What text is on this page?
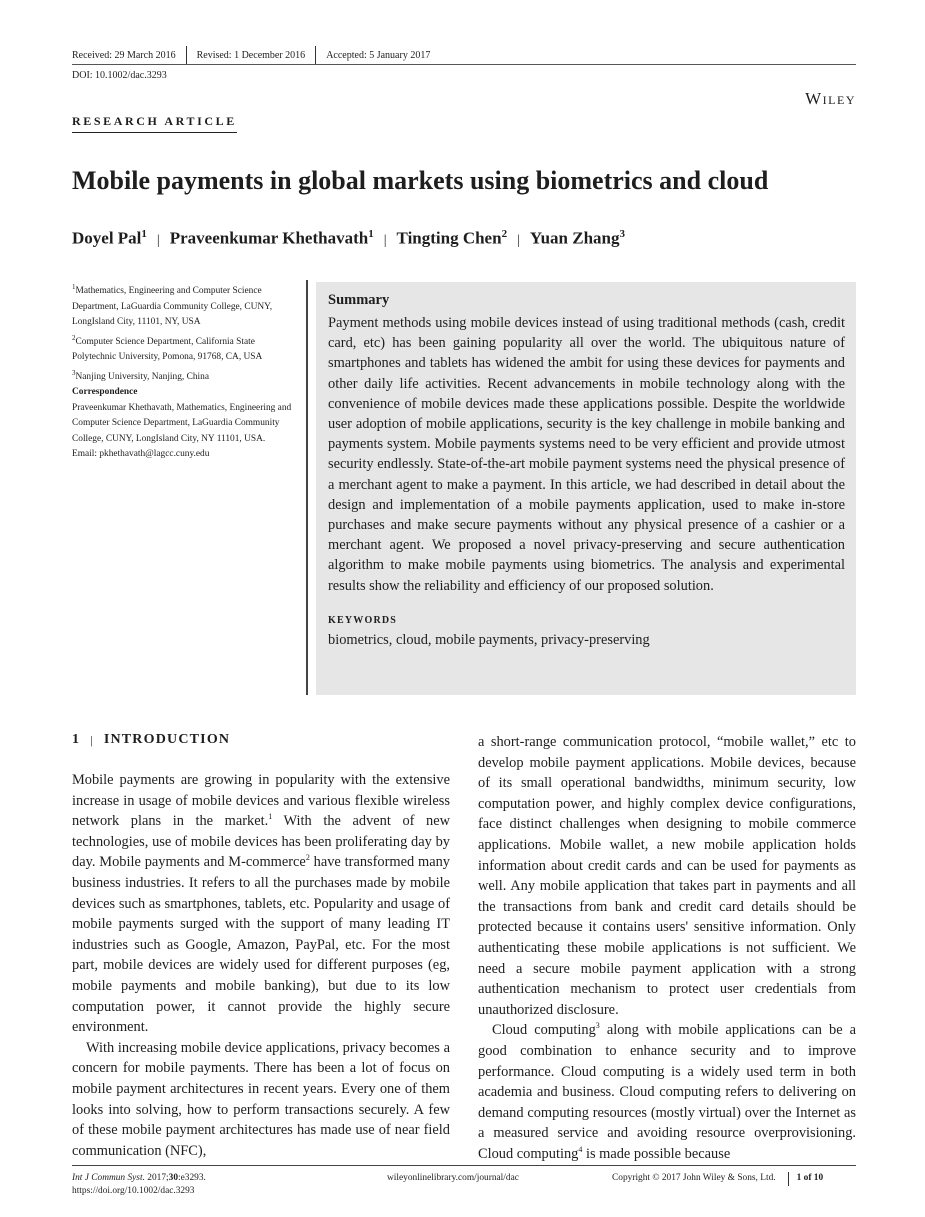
Received: 29 March 2016 Revised: 1 December 2016 Accepted: 5 January 2017
DOI: 10.1002/dac.3293
Wiley
RESEARCH ARTICLE
Mobile payments in global markets using biometrics and cloud
Doyel Pal$^1$ | Praveenkumar Khethavath$^1$ | Tingting Chen$^2$ | Yuan Zhang$^3$
$^1$Mathematics, Engineering and Computer Science Department, LaGuardia Community College, CUNY, LongIsland City, 11101, NY, USA
$^2$Computer Science Department, California State Polytechnic University, Pomona, 91768, CA, USA
$^3$Nanjing University, Nanjing, China
Correspondence
Praveenkumar Khethavath, Mathematics, Engineering and Computer Science Department, LaGuardia Community College, CUNY, LongIsland City, NY 11101, USA.
Email: pkhethavath@lagcc.cuny.edu
Summary

Payment methods using mobile devices instead of using traditional methods (cash, credit card, etc) has been gaining popularity all over the world. The ubiquitous nature of smartphones and tablets has widened the ambit for using these devices for payments and other daily life activities. Recent advancements in mobile technology along with the convenience of mobile devices made these applications possible. Despite the worldwide user adoption of mobile applications, security is the key challenge in mobile banking and payments system. Mobile payments systems need to be very efficient and provide utmost security endlessly. State-of-the-art mobile payment systems need the physical presence of a merchant agent to make a payment. In this article, we had described in detail about the design and implementation of a mobile payments application, used to make in-store purchases and make secure payments without any physical presence of a cashier or a merchant agent. We proposed a novel privacy-preserving and secure authentication algorithm to make mobile payments using biometrics. The analysis and experimental results show the reliability and efficiency of our proposed solution.

KEYWORDS
biometrics, cloud, mobile payments, privacy-preserving
1 | INTRODUCTION

Mobile payments are growing in popularity with the extensive increase in usage of mobile devices and various flexible wireless network plans in the market.$^1$ With the advent of new technologies, use of mobile devices has been proliferating day by day. Mobile payments and M-commerce$^2$ have transformed many business industries. It refers to all the purchases made by mobile devices such as smartphones, tablets, etc. Popularity and usage of mobile payments surged with the support of many leading IT industries such as Google, Amazon, PayPal, etc. For the most part, mobile devices are widely used for different purposes (eg, mobile payments and mobile banking), but due to its low computation power, it cannot provide the highly secure environment.

With increasing mobile device applications, privacy becomes a concern for mobile payments. There has been a lot of focus on mobile payment architectures in recent years. Every one of them looks into solving, how to perform transactions securely. A few of these mobile payment architectures has made use of near field communication (NFC),

a short-range communication protocol, “mobile wallet,” etc to develop mobile payment applications. Mobile devices, because of its small operational bandwidths, minimum security, low computation power, and highly complex device configurations, face distinct challenges when designing to mobile commerce applications. Mobile wallet, a new mobile application holds information about credit cards and can be used for payments as well. Any mobile application that takes part in payments and all the transactions from bank and credit card details should be protected because it contains users' sensitive information. Only authenticating these mobile applications is not sufficient. We need a secure mobile payment application with a strong authentication mechanism to protect user credentials from unauthorized disclosure.

Cloud computing$^3$ along with mobile applications can be a good combination to enhance security and to improve performance. Cloud computing is a widely used term in both academia and business. Cloud computing refers to delivering on demand computing resources (mostly virtual) over the Internet as a measured service and avoiding resource overprovisioning. Cloud computing$^4$ is made possible because

Int J Commun Syst. 2017;30:e3293.
https://doi.org/10.1002/dac.3293
wileyonlinelibrary.com/journal/dac	Copyright © 2017 John Wiley & Sons, Ltd. 1 of 10
